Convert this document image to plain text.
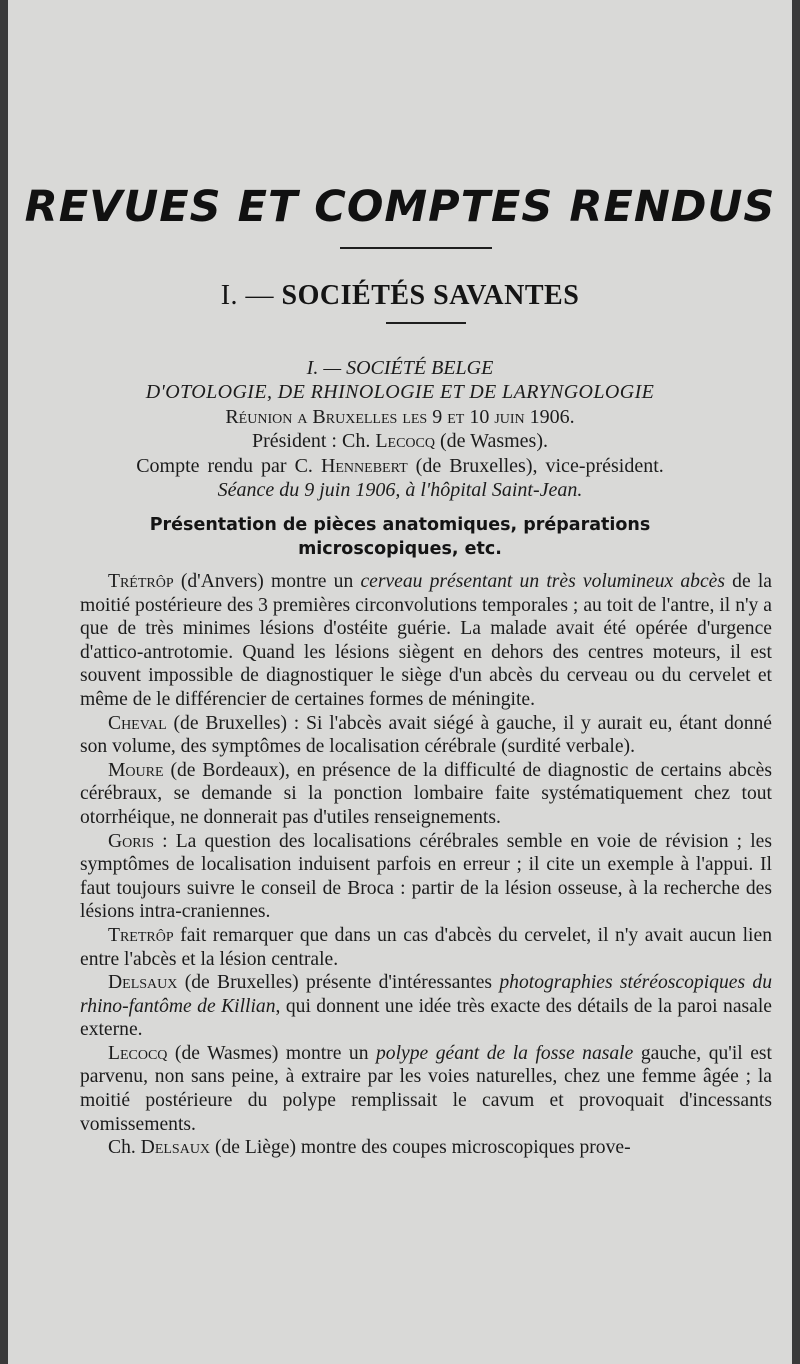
REVUES ET COMPTES RENDUS
I. — SOCIÉTÉS SAVANTES
I. — SOCIÉTÉ BELGE
D'OTOLOGIE, DE RHINOLOGIE ET DE LARYNGOLOGIE
Réunion a Bruxelles les 9 et 10 juin 1906.
Président : Ch. Lecocq (de Wasmes).
Compte rendu par C. Hennebert (de Bruxelles), vice-président.
Séance du 9 juin 1906, à l'hôpital Saint-Jean.
Présentation de pièces anatomiques, préparations
microscopiques, etc.

Trétrôp (d'Anvers) montre un cerveau présentant un très volumineux abcès de la moitié postérieure des 3 premières circonvolutions temporales ; au toit de l'antre, il n'y a que de très minimes lésions d'ostéite guérie. La malade avait été opérée d'urgence d'attico-antrotomie. Quand les lésions siègent en dehors des centres moteurs, il est souvent impossible de diagnostiquer le siège d'un abcès du cerveau ou du cervelet et même de le différencier de certaines formes de méningite.

Cheval (de Bruxelles) : Si l'abcès avait siégé à gauche, il y aurait eu, étant donné son volume, des symptômes de localisation cérébrale (surdité verbale).

Moure (de Bordeaux), en présence de la difficulté de diagnostic de certains abcès cérébraux, se demande si la ponction lombaire faite systématiquement chez tout otorrhéique, ne donnerait pas d'utiles renseignements.

Goris : La question des localisations cérébrales semble en voie de révision ; les symptômes de localisation induisent parfois en erreur ; il cite un exemple à l'appui. Il faut toujours suivre le conseil de Broca : partir de la lésion osseuse, à la recherche des lésions intra-craniennes.

Tretrôp fait remarquer que dans un cas d'abcès du cervelet, il n'y avait aucun lien entre l'abcès et la lésion centrale.

Delsaux (de Bruxelles) présente d'intéressantes photographies stéréoscopiques du rhino-fantôme de Killian, qui donnent une idée très exacte des détails de la paroi nasale externe.

Lecocq (de Wasmes) montre un polype géant de la fosse nasale gauche, qu'il est parvenu, non sans peine, à extraire par les voies naturelles, chez une femme âgée ; la moitié postérieure du polype remplissait le cavum et provoquait d'incessants vomissements.

Ch. Delsaux (de Liège) montre des coupes microscopiques prove-
